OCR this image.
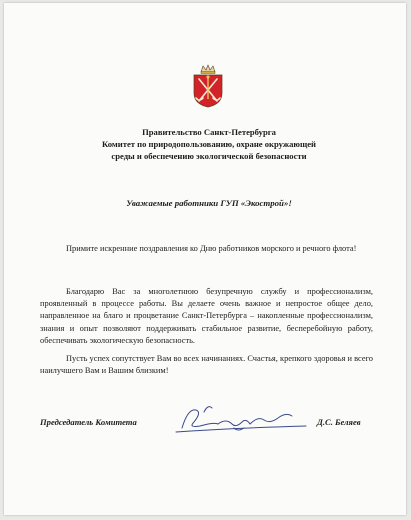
Правительство Санкт-Петербурга
Комитет по природопользованию, охране окружающей
среды и обеспечению экологической безопасности
Уважаемые работники ГУП «Экострой»!

Примите искренние поздравления ко Дню работников морского и речного флота!

Благодарю Вас за многолетнюю безупречную службу и профессионализм, проявленный в процессе работы. Вы делаете очень важное и непростое общее дело, направленное на благо и процветание Санкт-Петербурга – накопленные профессионализм, знания и опыт позволяют поддерживать стабильное развитие, бесперебойную работу, обеспечивать экологическую безопасность.

Пусть успех сопутствует Вам во всех начинаниях. Счастья, крепкого здоровья и всего наилучшего Вам и Вашим близким!

Председатель Комитета	Д.С. Беляев
